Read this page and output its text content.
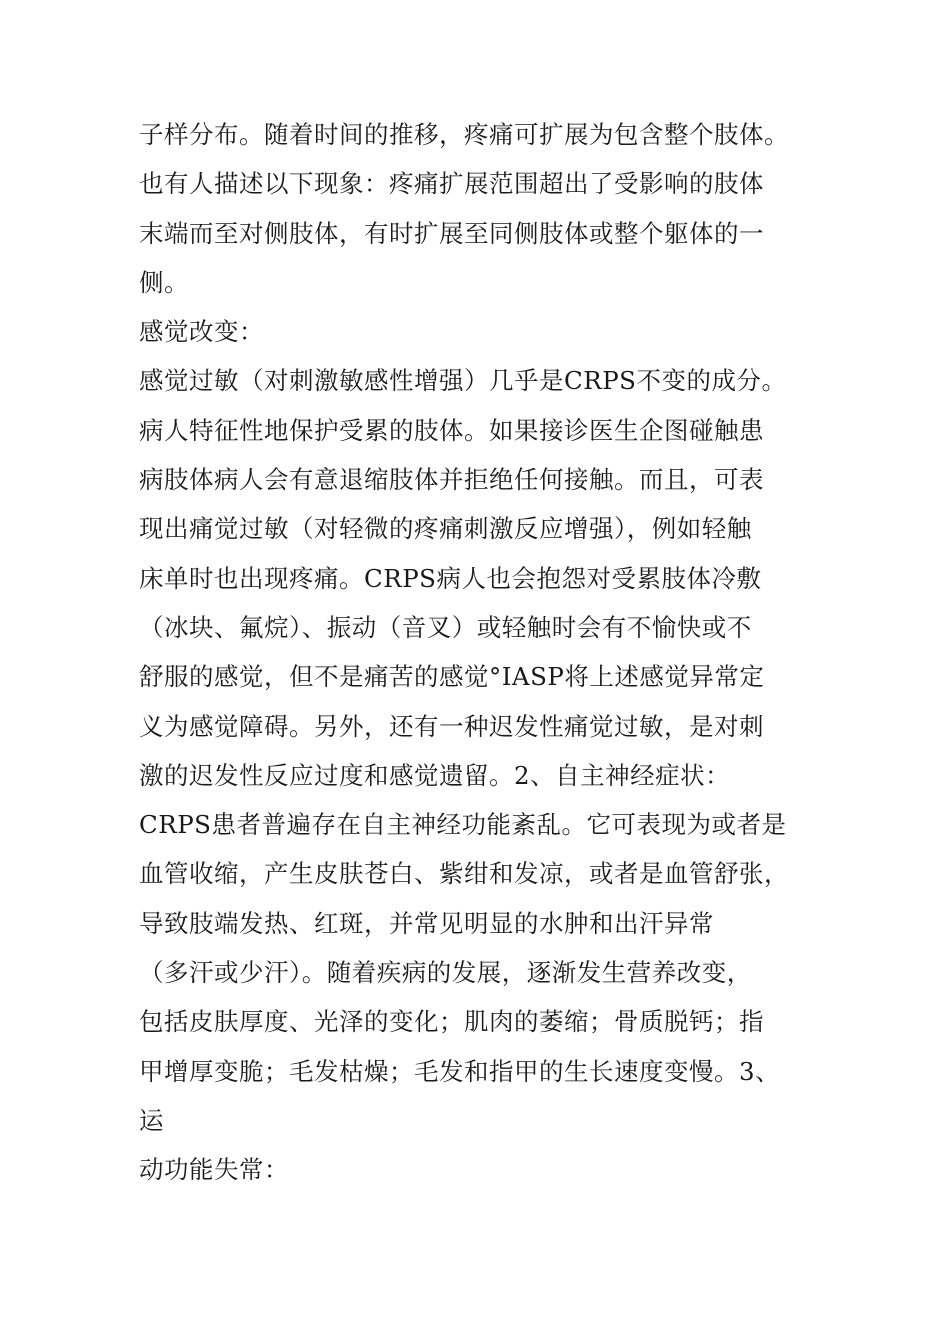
子样分布。随着时间的推移，疼痛可扩展为包含整个肢体。
也有人描述以下现象：疼痛扩展范围超出了受影响的肢体
末端而至对侧肢体，有时扩展至同侧肢体或整个躯体的一
侧。
感觉改变：
感觉过敏（对刺激敏感性增强）几乎是CRPS不变的成分。
病人特征性地保护受累的肢体。如果接诊医生企图碰触患
病肢体病人会有意退缩肢体并拒绝任何接触。而且，可表
现出痛觉过敏（对轻微的疼痛刺激反应增强），例如轻触
床单时也出现疼痛。CRPS病人也会抱怨对受累肢体冷敷
（冰块、氟烷）、振动（音叉）或轻触时会有不愉快或不
舒服的感觉，但不是痛苦的感觉°IASP将上述感觉异常定
义为感觉障碍。另外，还有一种迟发性痛觉过敏，是对刺
激的迟发性反应过度和感觉遗留。2、自主神经症状：
CRPS患者普遍存在自主神经功能紊乱。它可表现为或者是
血管收缩，产生皮肤苍白、紫绀和发凉，或者是血管舒张，
导致肢端发热、红斑，并常见明显的水肿和出汗异常
（多汗或少汗）。随着疾病的发展，逐渐发生营养改变，
包括皮肤厚度、光泽的变化；肌肉的萎缩；骨质脱钙；指
甲增厚变脆；毛发枯燥；毛发和指甲的生长速度变慢。3、
运
动功能失常：
